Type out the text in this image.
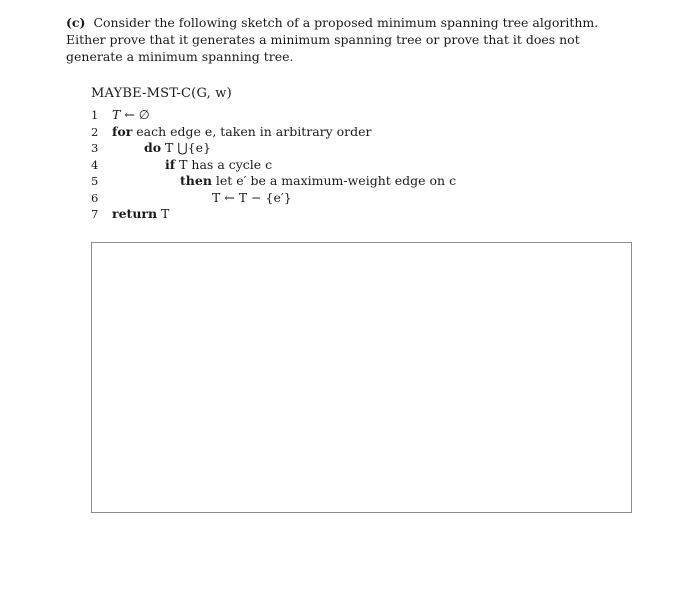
(c) Consider the following sketch of a proposed minimum spanning tree algorithm. Either prove that it generates a minimum spanning tree or prove that it does not generate a minimum spanning tree.
MAYBE-MST-C(G, w)
1	T ← ∅
2	for each edge e, taken in arbitrary order
3	do T ⋃{e}
4	if T has a cycle c
5	then let e′ be a maximum-weight edge on c
6	T ← T − {e′}
7	return T
